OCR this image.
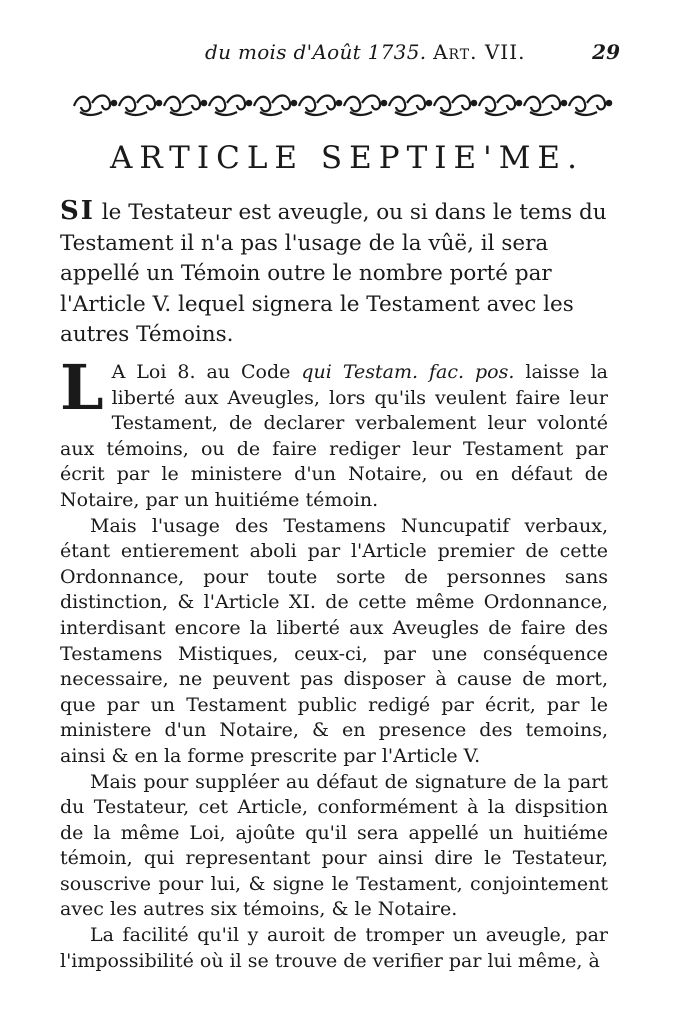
du mois d'Août 1735. Art. VII.	29
ARTICLE SEPTIE'ME.

SI le Testateur est aveugle, ou si dans le tems du Testament il n'a pas l'usage de la vûë, il sera appellé un Témoin outre le nombre porté par l'Article V. lequel signera le Testament avec les autres Témoins.

L A Loi 8. au Code qui Testam. fac. pos. laisse la liberté aux Aveugles, lors qu'ils veulent faire leur Testament, de declarer verbalement leur volonté aux témoins, ou de faire rediger leur Testament par écrit par le ministere d'un Notaire, ou en défaut de Notaire, par un huitiéme témoin.

Mais l'usage des Testamens Nuncupatif verbaux, étant entierement aboli par l'Article premier de cette Ordonnance, pour toute sorte de personnes sans distinction, & l'Article XI. de cette même Ordonnance, interdisant encore la liberté aux Aveugles de faire des Testamens Mistiques, ceux-ci, par une conséquence necessaire, ne peuvent pas disposer à cause de mort, que par un Testament public redigé par écrit, par le ministere d'un Notaire, & en presence des temoins, ainsi & en la forme prescrite par l'Article V.

Mais pour suppléer au défaut de signature de la part du Testateur, cet Article, conformément à la dispsition de la même Loi, ajoûte qu'il sera appellé un huitiéme témoin, qui representant pour ainsi dire le Testateur, souscrive pour lui, & signe le Testament, conjointement avec les autres six témoins, & le Notaire.

La facilité qu'il y auroit de tromper un aveugle, par l'impossibilité où il se trouve de verifier par lui même, à
